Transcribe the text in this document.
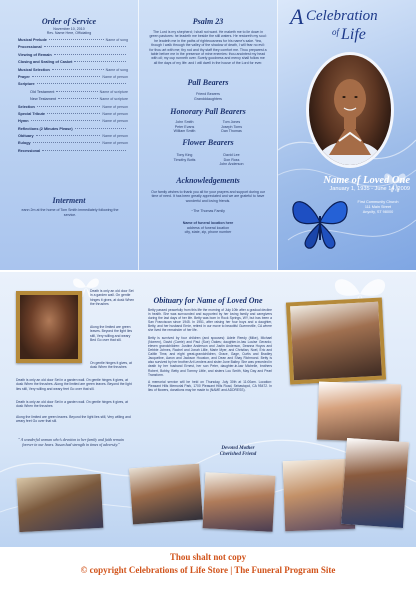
Order of Service
November 10, 2010
Rev. Name Here, Officiating
Musical Prelude	Name of song
Processional
Viewing of Remain
Closing and Sealing of Casket
Musical Selection	Name of song
Prayer	Name of person
Scripture
Old Testament	Name of scripture
New Testament	Name of scripture
Selection	Name of person
Special Tribute	Name of person
Hymn	Name of person
Reflections (2 Minutes Please)
Obituary	Name of person
Eulogy	Name of person
Recessional
Interment
eann 2m at the home of Tom Smith immediately following the service.
Psalm 23
The Lord is my shepherd; I shall not want. He maketh me to lie down in green pastures: he leadeth me beside the still waters. He restoreth my soul: he leadeth me in the paths of righteousness for his name's sake. Yea, though I walk through the valley of the shadow of death, I will fear no evil: for thou art with me; thy rod and thy staff they comfort me. Thou preparest a table before me in the presence of mine enemies: thou anointest my head with oil; my cup runneth over. Surely goodness and mercy shall follow me all the days of my life: and I will dwell in the house of the Lord for ever.
Pall Bearers
Friend Bearers
Grandddaughters
Honorary Pall Bearers
John Smith	Tom Jones
Peter Evans	Joseph Toms
William Smith	Dan Thomas
Flower Bearers
Tony King	David Lee
Timothy Botts	Don Ross
John Anderson
Acknowledgements
Our family wishes to thank you all for your prayers and support during our time of need. It has been greatly appreciated and we are grateful to have wonderful and loving friends.
~The Thomas Family
Name of funeral location here
address of funeral location
city, state, zip, phone number
A Celebration
$^{of}$ Life
Name of Loved One
January 1, 1935 - June 14, 2009
First Community Church
111 Main Street
Anycity, ST 98000
Death is only an old door Set in a garden wall. On gentle hinges it gives, at dusk When the thrushes
Along the limited are green leaves. Beyond the light lies still, Very willing and weary Bed Go over that sill.
On gentle hinges it gives, at dusk When the thrushes
Death is only an old door Set in a garden wall. On gentle hinges it gives, at dusk When the thrushes. Along the limited are green leaves. Beyond the light lies still, Very willing and weary feet Go over that sill.
Death is only an old door Set in a garden wall. On gentle hinges it gives, at dusk When the thrushes
Along the limited are green leaves. Beyond the light lies still, Very willing and weary feet Go over that sill.
" A wonderful woman who's devotion to her family and faith remain forever in our hears. Susan had strength in times of adversity."
Obituary for Name of Loved One

Betty passed peacefully from this life the morning of July 10th after a gradual decline in health. She was surrounded and supported by her loving family and caregivers during the last days of her life. Betty was born in Rock Springs, WY, but has been a San Franciscan since 1945. In 1951, after raising her four boys and a daughter, Betty, and her husband Ernie, retired in our move to beautiful Guerneville, CA where she lived the remainder of her life.

Betty is survived by four children (and spouses): Adele Reedy (Mike), Michael (Noreen), David (Carrie) and Paul (Sue) Oakes; daughter-in-law Louise Gerardo; eleven grandchildren: Justine Anderson and Justin Anderson, Deanna Hoyos and Debbie Johnes, Rachel and Jonah Lillie, Marie Myer, and Christian, Noel, Eric and Caitlin Tims; and eight great-grandchildren, Grace, Gage, Curtis and Bradley Jacqueline, Aaron and Jackson Houston, and Dean and Shay Richmond. Betty is also survived by her brother Art Lenders and sister June Bailey. She was preceded in death by her husband Ernest, her son Peter, daughter-in-law Michelle, brothers Robert, Bobby, Betty and Tommy Little, and sisters Lou Smith, May Day and Pearl Transform.

A memorial service will be held on Thursday, July 30th at 11:00am. Location: Pleasant Hills Memorial Park, 1700 Pleasant Hills Road, Sebastopol, CA 95472. In lieu of flowers, donations may be made to (NAME and ADDRESS).

Devoted Mother
Cherished Friend
Thou shalt not copy
© copyright Celebrations of Life Store | The Funeral Program Site
